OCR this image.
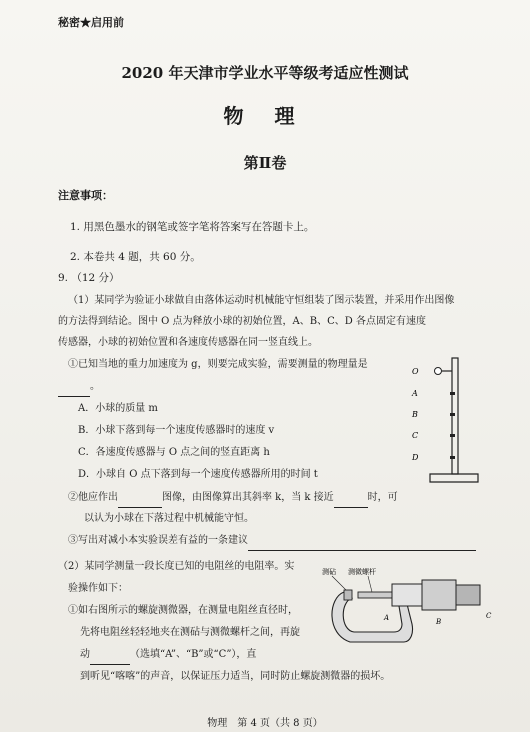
秘密★启用前
2020 年天津市学业水平等级考适应性测试
物 理
第Ⅱ卷
注意事项：
1. 用黑色墨水的钢笔或签字笔将答案写在答题卡上。
2. 本卷共 4 题，共 60 分。
9. （12 分）
（1）某同学为验证小球做自由落体运动时机械能守恒组装了图示装置，并采用作出图像
的方法得到结论。图中 O 点为释放小球的初始位置，A、B、C、D 各点固定有速度
传感器，小球的初始位置和各速度传感器在同一竖直线上。
①已知当地的重力加速度为 g，则要完成实验，需要测量的物理量是
。
A．小球的质量 m
B．小球下落到每一个速度传感器时的速度 v
C．各速度传感器与 O 点之间的竖直距离 h
D．小球自 O 点下落到每一个速度传感器所用的时间 t
②他应作出	图像，由图像算出其斜率 k，当 k 接近	时，可
以认为小球在下落过程中机械能守恒。
③写出对减小本实验误差有益的一条建议
（2）某同学测量一段长度已知的电阻丝的电阻率。实
验操作如下：
①如右图所示的螺旋测微器，在测量电阻丝直径时，
先将电阻丝轻轻地夹在测砧与测微螺杆之间，再旋
动	（选填“A”、“B”或“C”），直
到听见“喀喀”的声音，以保证压力适当，同时防止螺旋测微器的损坏。
O
A
B
C
D
测砧 测微螺杆
A	B
C
物理　第 4 页（共 8 页）
